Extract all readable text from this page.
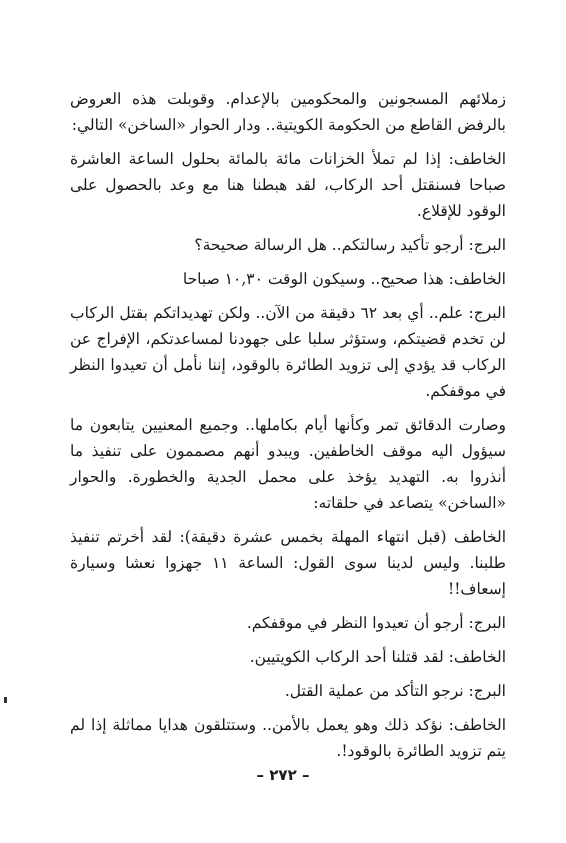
زملائهم المسجونين والمحكومين بالإعدام. وقوبلت هذه العروض بالرفض القاطع من الحكومة الكويتية.. ودار الحوار «الساخن» التالي:

الخاطف: إذا لم تملأ الخزانات مائة بالمائة بحلول الساعة العاشرة صباحا فسنقتل أحد الركاب، لقد هبطنا هنا مع وعد بالحصول على الوقود للإقلاع.

البرج: أرجو تأكيد رسالتكم.. هل الرسالة صحيحة؟

الخاطف: هذا صحيح.. وسيكون الوقت ١٠,٣٠ صباحا

البرج: علم.. أي بعد ٦٢ دقيقة من الآن.. ولكن تهديداتكم بقتل الركاب لن تخدم قضيتكم، وستؤثر سلبا على جهودنا لمساعدتكم، الإفراج عن الركاب قد يؤدي إلى تزويد الطائرة بالوقود، إننا نأمل أن تعيدوا النظر في موقفكم.

وصارت الدقائق تمر وكأنها أيام بكاملها.. وجميع المعنيين يتابعون ما سيؤول اليه موقف الخاطفين. ويبدو أنهم مصممون على تنفيذ ما أنذروا به. التهديد يؤخذ على محمل الجدية والخطورة. والحوار «الساخن» يتصاعد في حلقاته:

الخاطف (قبل انتهاء المهلة بخمس عشرة دقيقة): لقد أخرتم تنفيذ طلبنا. وليس لدينا سوى القول: الساعة ١١ جهزوا نعشا وسيارة إسعاف!!

البرج: أرجو أن تعيدوا النظر في موقفكم.

الخاطف: لقد قتلنا أحد الركاب الكويتيين.

البرج: نرجو التأكد من عملية القتل.

الخاطف: نؤكد ذلك وهو يعمل بالأمن.. وستتلقون هدايا مماثلة إذا لم يتم تزويد الطائرة بالوقود!.

– ٢٧٢ –
